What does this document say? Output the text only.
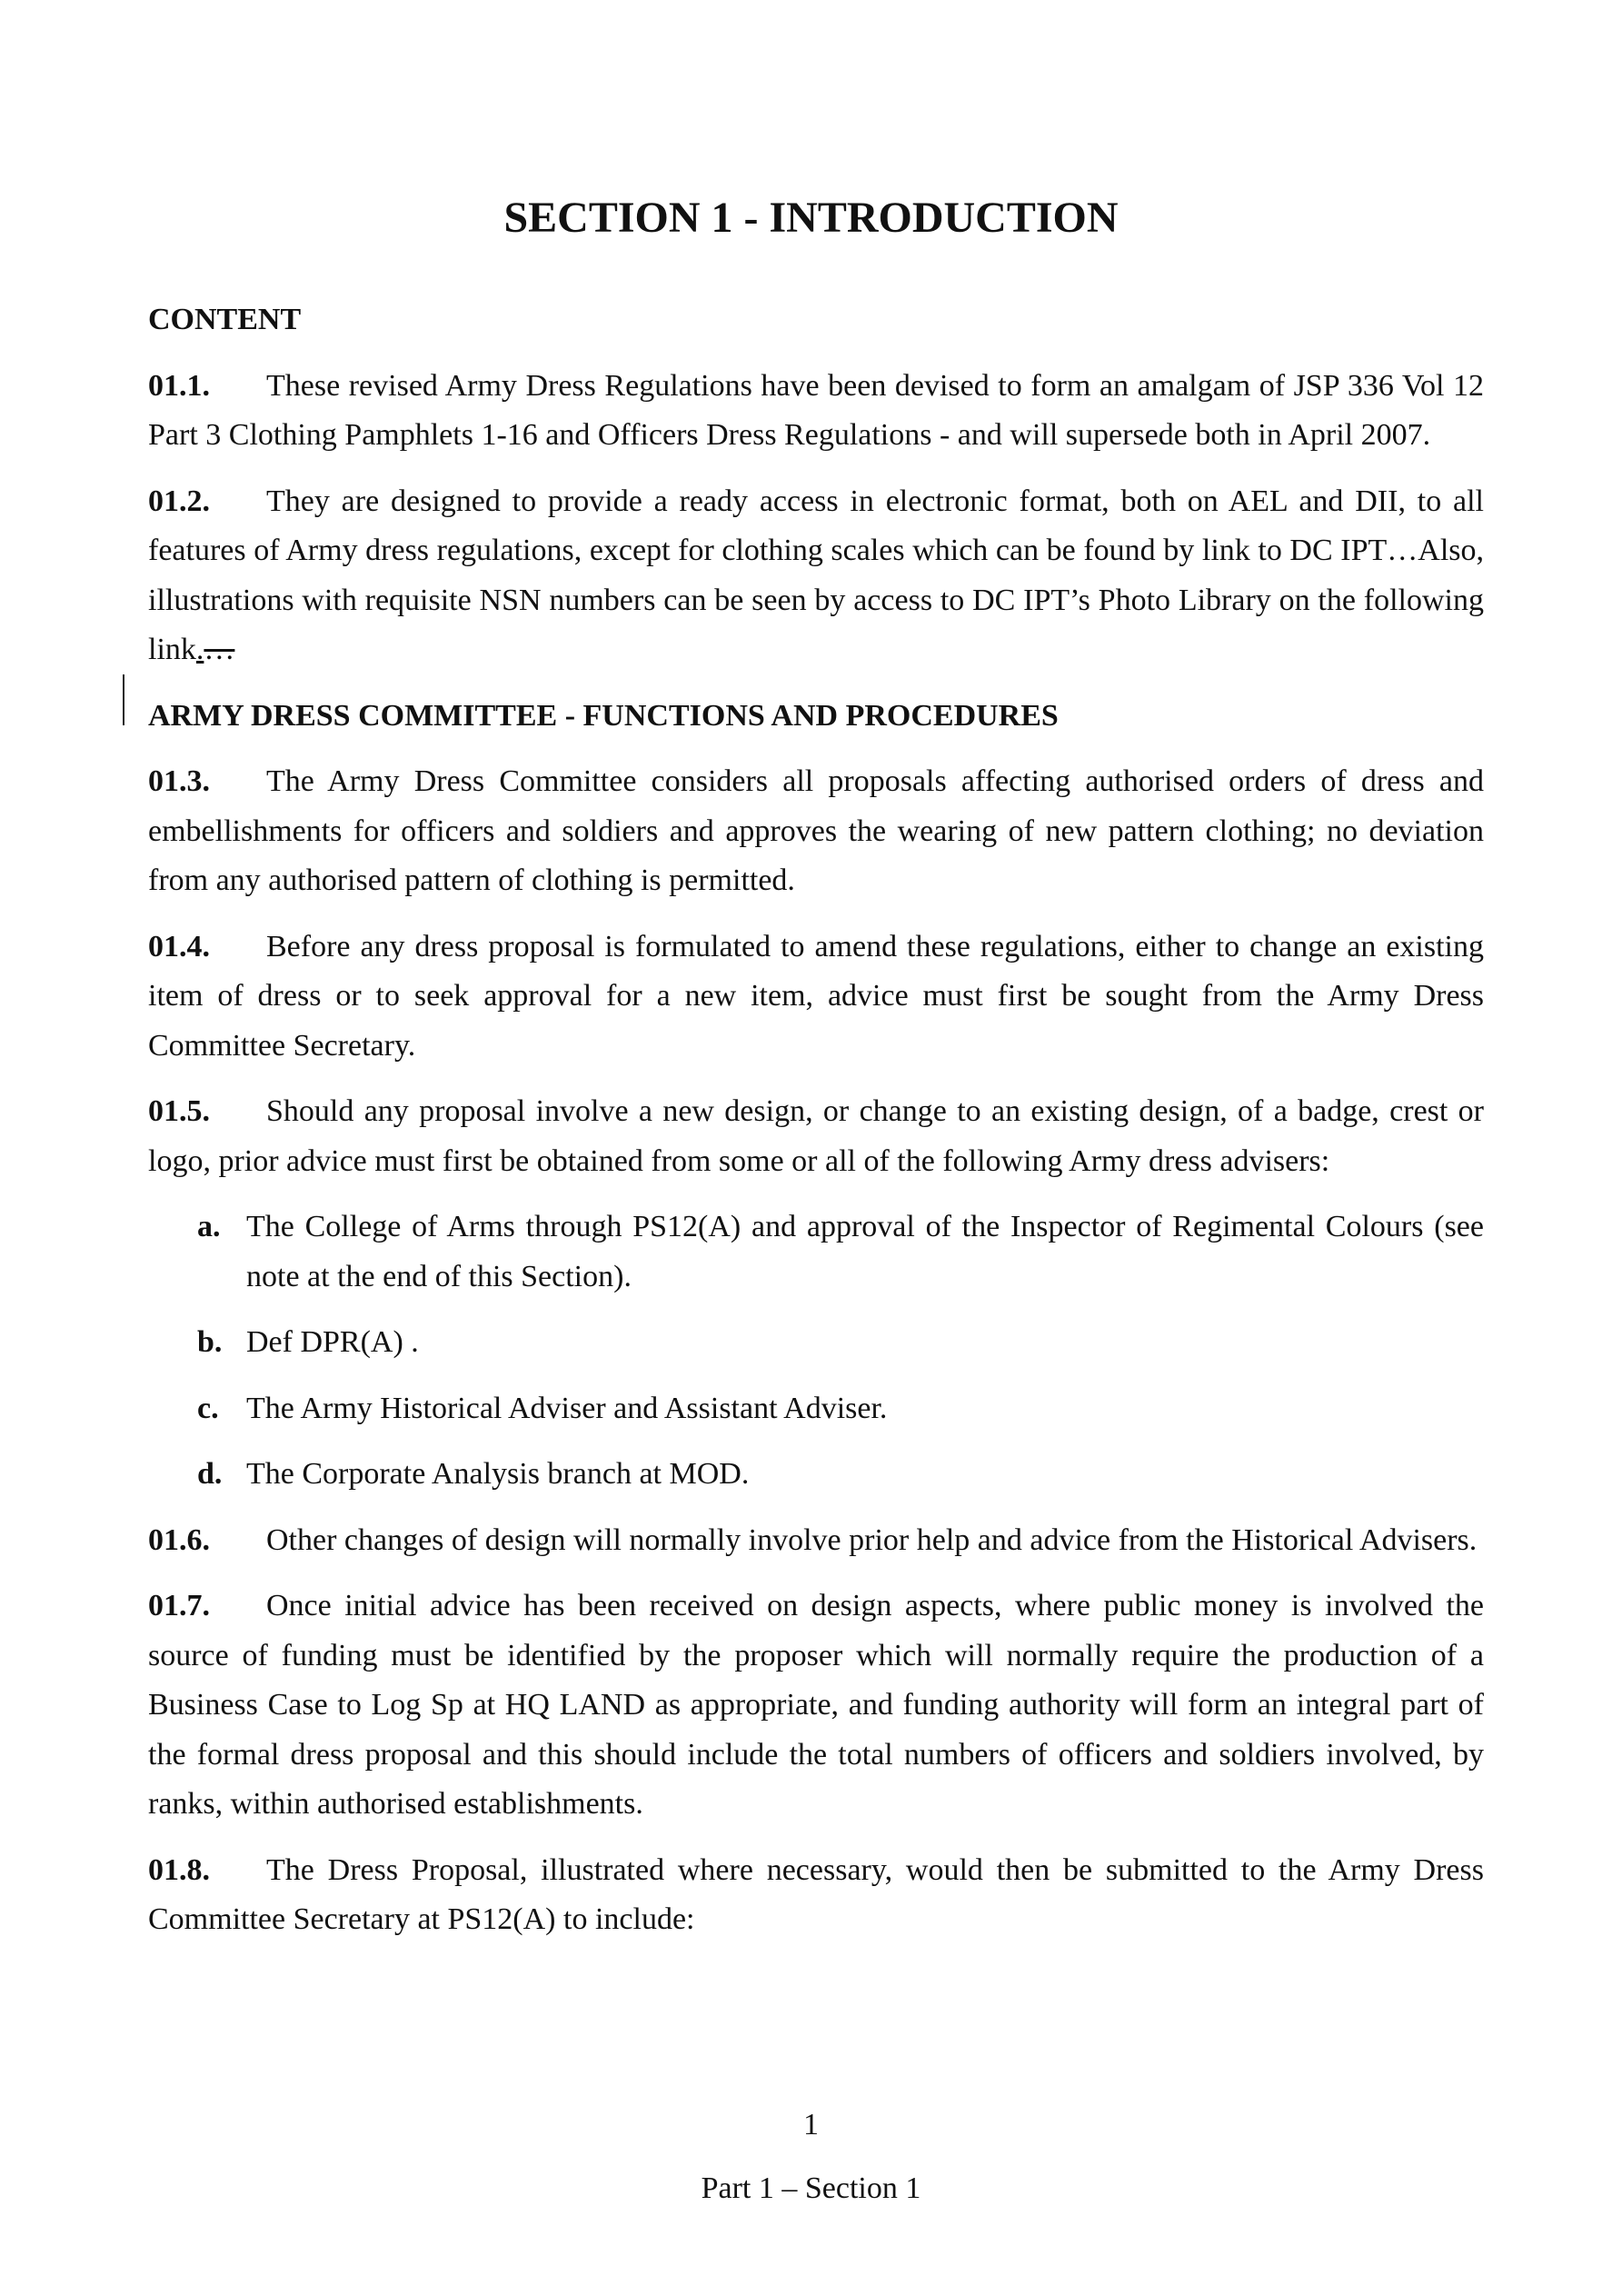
SECTION 1 - INTRODUCTION
CONTENT

01.1. These revised Army Dress Regulations have been devised to form an amalgam of JSP 336 Vol 12 Part 3 Clothing Pamphlets 1-16 and Officers Dress Regulations - and will supersede both in April 2007.

01.2. They are designed to provide a ready access in electronic format, both on AEL and DII, to all features of Army dress regulations, except for clothing scales which can be found by link to DC IPT…Also, illustrations with requisite NSN numbers can be seen by access to DC IPT’s Photo Library on the following link.…

ARMY DRESS COMMITTEE - FUNCTIONS AND PROCEDURES

01.3. The Army Dress Committee considers all proposals affecting authorised orders of dress and embellishments for officers and soldiers and approves the wearing of new pattern clothing; no deviation from any authorised pattern of clothing is permitted.

01.4. Before any dress proposal is formulated to amend these regulations, either to change an existing item of dress or to seek approval for a new item, advice must first be sought from the Army Dress Committee Secretary.

01.5. Should any proposal involve a new design, or change to an existing design, of a badge, crest or logo, prior advice must first be obtained from some or all of the following Army dress advisers:

a. The College of Arms through PS12(A) and approval of the Inspector of Regimental Colours (see note at the end of this Section).

b. Def DPR(A) .

c. The Army Historical Adviser and Assistant Adviser.

d. The Corporate Analysis branch at MOD.

01.6. Other changes of design will normally involve prior help and advice from the Historical Advisers.

01.7. Once initial advice has been received on design aspects, where public money is involved the source of funding must be identified by the proposer which will normally require the production of a Business Case to Log Sp at HQ LAND as appropriate, and funding authority will form an integral part of the formal dress proposal and this should include the total numbers of officers and soldiers involved, by ranks, within authorised establishments.

01.8. The Dress Proposal, illustrated where necessary, would then be submitted to the Army Dress Committee Secretary at PS12(A) to include:

1
Part 1 – Section 1
